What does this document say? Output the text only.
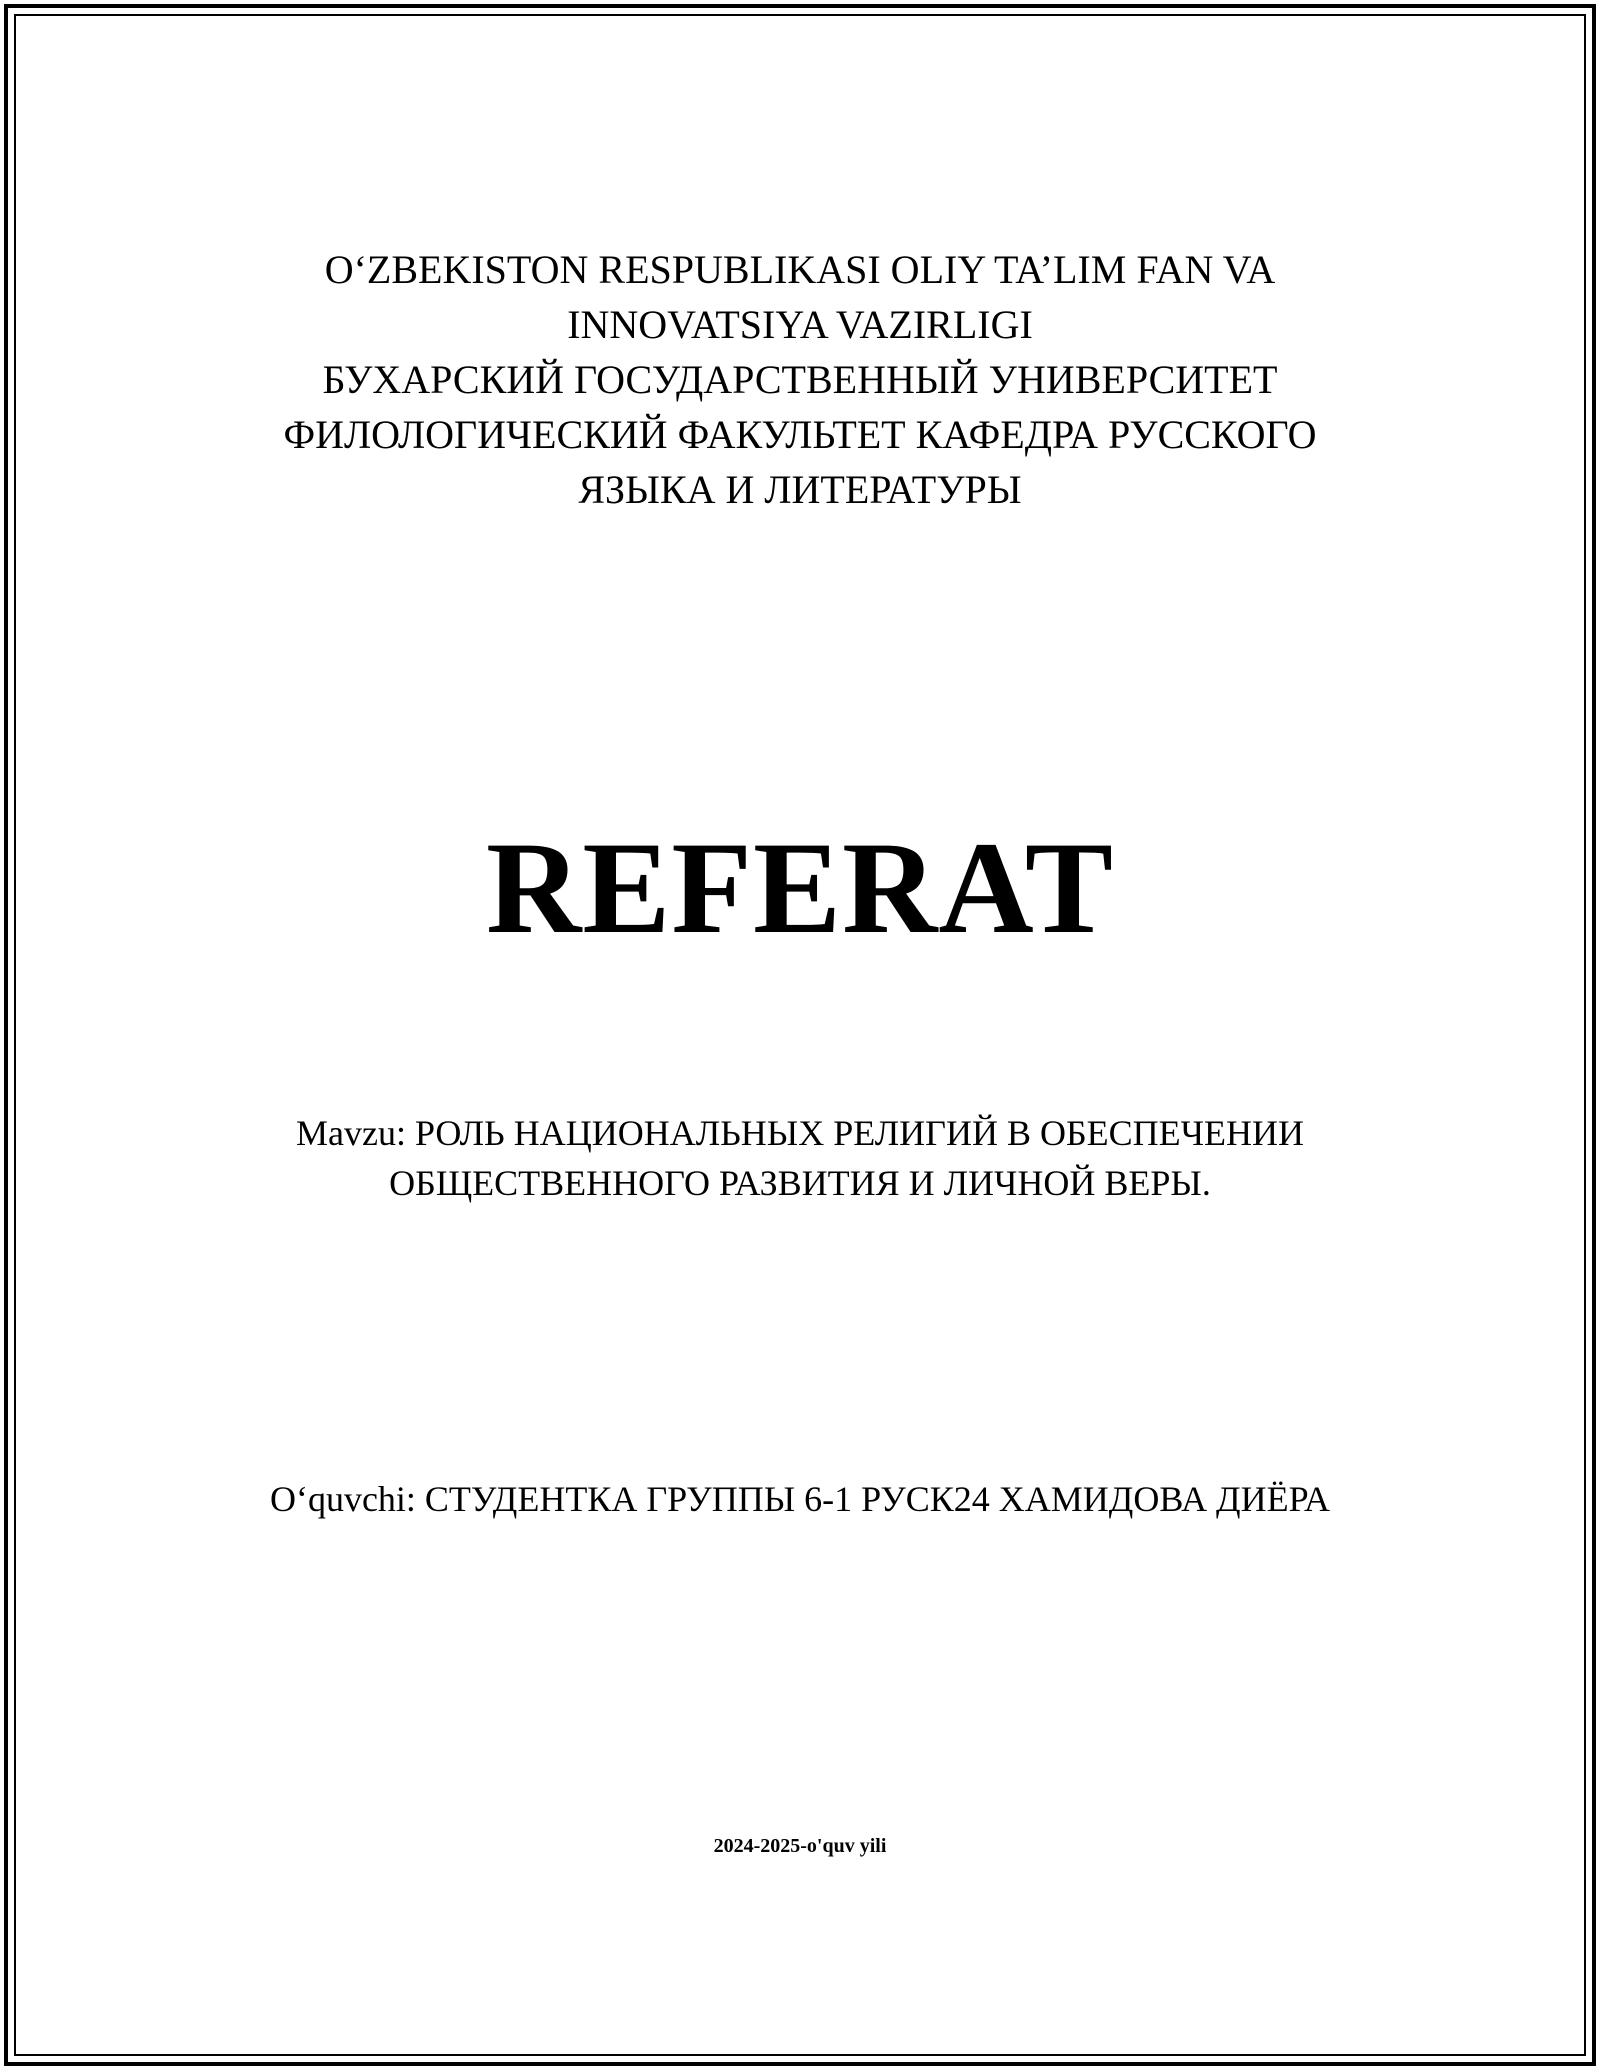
O‘ZBEKISTON RESPUBLIKASI OLIY TA’LIM FAN VA
INNOVATSIYA VAZIRLIGI
БУХАРСКИЙ ГОСУДАРСТВЕННЫЙ УНИВЕРСИТЕТ
ФИЛОЛОГИЧЕСКИЙ ФАКУЛЬТЕТ КАФЕДРА РУССКОГО
ЯЗЫКА И ЛИТЕРАТУРЫ
REFERAT
Mavzu: РОЛЬ НАЦИОНАЛЬНЫХ РЕЛИГИЙ В ОБЕСПЕЧЕНИИ
ОБЩЕСТВЕННОГО РАЗВИТИЯ И ЛИЧНОЙ ВЕРЫ.
O‘quvchi: СТУДЕНТКА ГРУППЫ 6-1 РУСК24 ХАМИДОВА ДИЁРА
2024-2025-o'quv yili
